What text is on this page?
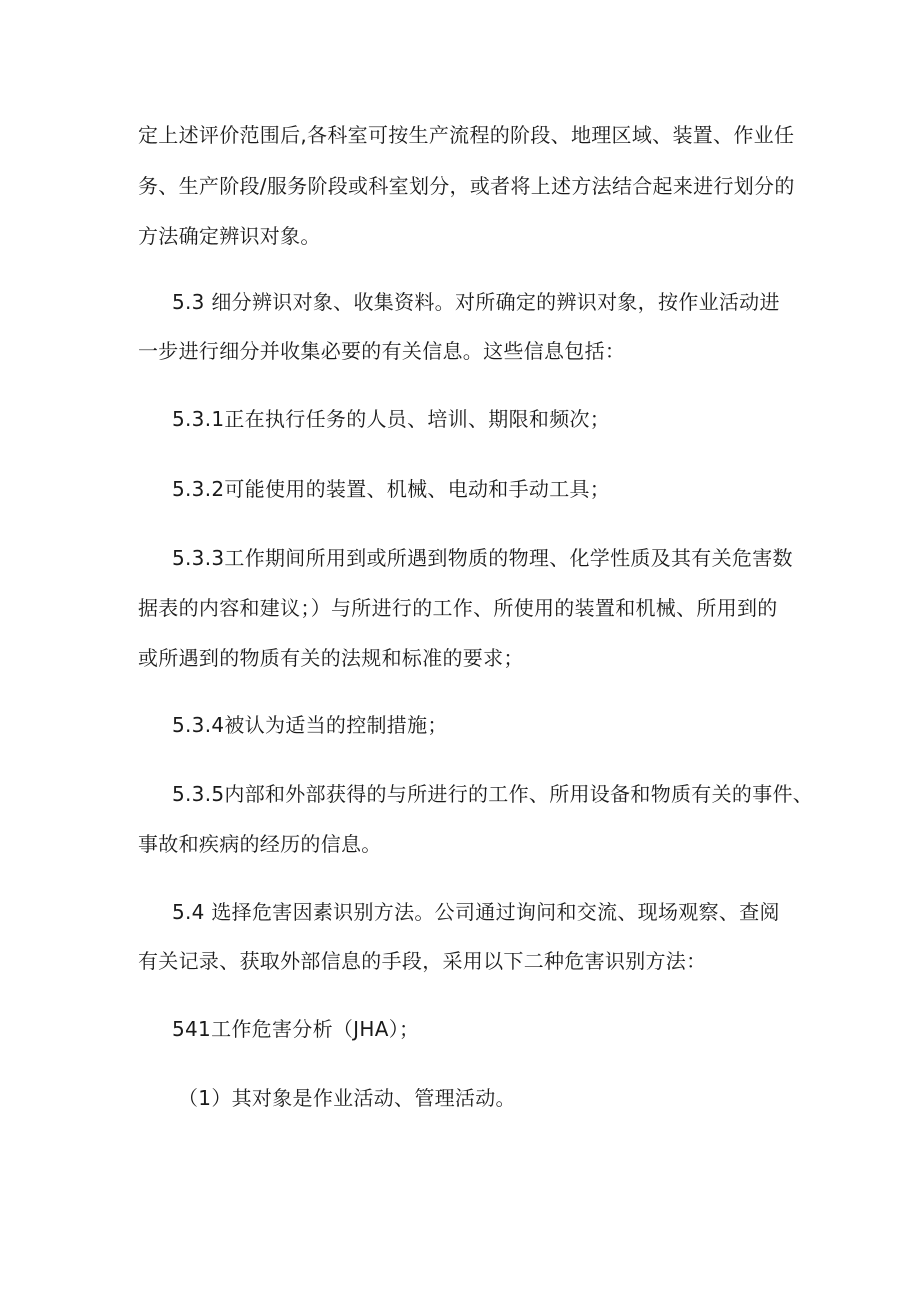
定上述评价范围后,各科室可按生产流程的阶段、地理区域、装置、作业任
务、生产阶段/服务阶段或科室划分，或者将上述方法结合起来进行划分的
方法确定辨识对象。
5.3 细分辨识对象、收集资料。对所确定的辨识对象，按作业活动进
一步进行细分并收集必要的有关信息。这些信息包括：
5.3.1正在执行任务的人员、培训、期限和频次；
5.3.2可能使用的装置、机械、电动和手动工具；
5.3.3工作期间所用到或所遇到物质的物理、化学性质及其有关危害数
据表的内容和建议；）与所进行的工作、所使用的装置和机械、所用到的
或所遇到的物质有关的法规和标准的要求；
5.3.4被认为适当的控制措施；
5.3.5内部和外部获得的与所进行的工作、所用设备和物质有关的事件、
事故和疾病的经历的信息。
5.4 选择危害因素识别方法。公司通过询问和交流、现场观察、查阅
有关记录、获取外部信息的手段，采用以下二种危害识别方法：
541工作危害分析（JHA）；
（1）其对象是作业活动、管理活动。
